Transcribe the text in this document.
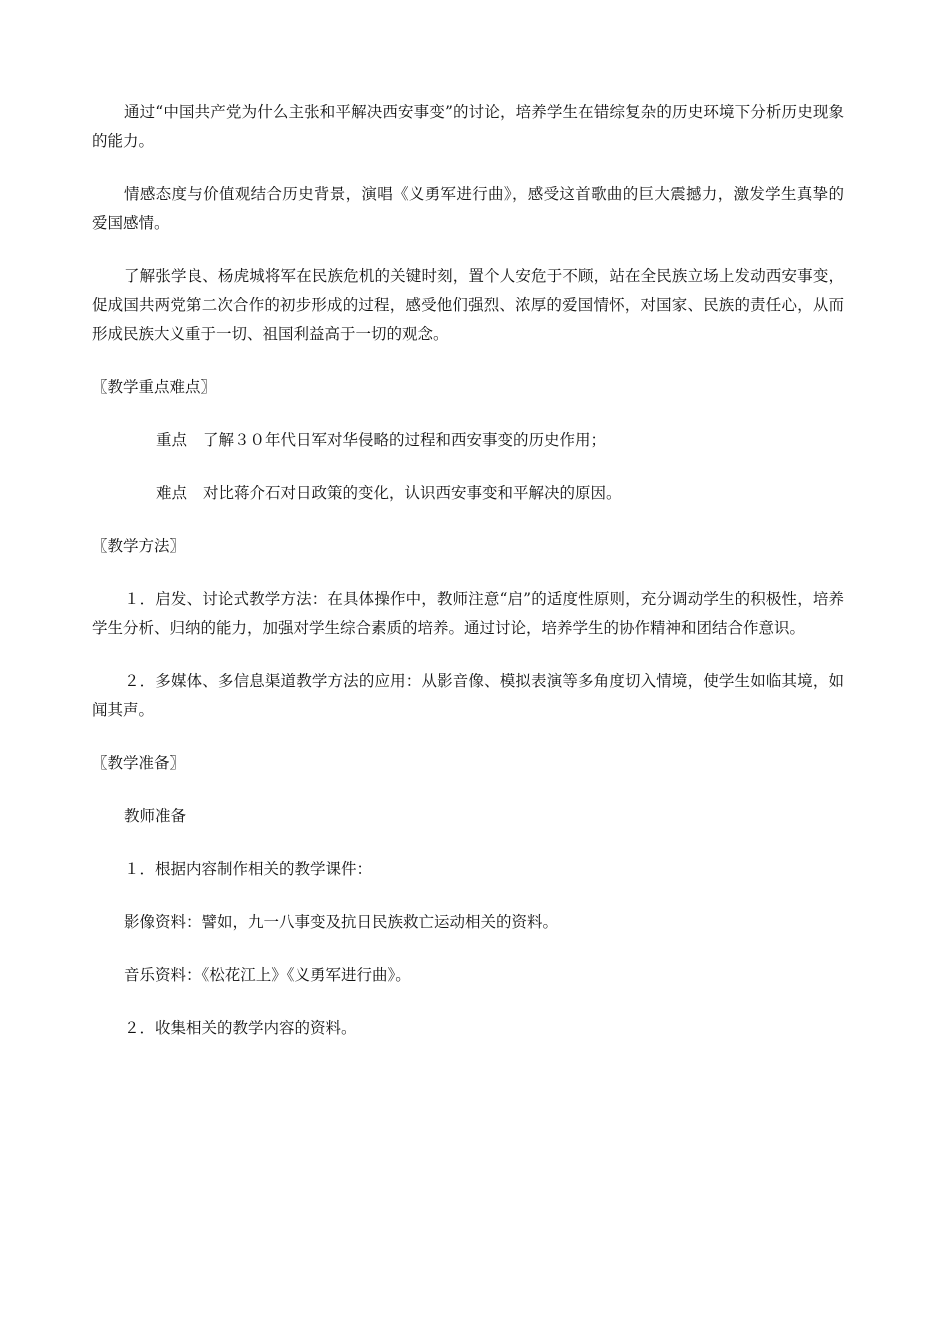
通过“中国共产党为什么主张和平解决西安事变”的讨论，培养学生在错综复杂的历史环境下分析历史现象的能力。

情感态度与价值观结合历史背景，演唱《义勇军进行曲》，感受这首歌曲的巨大震撼力，激发学生真挚的爱国感情。

了解张学良、杨虎城将军在民族危机的关键时刻，置个人安危于不顾，站在全民族立场上发动西安事变，促成国共两党第二次合作的初步形成的过程，感受他们强烈、浓厚的爱国情怀，对国家、民族的责任心，从而形成民族大义重于一切、祖国利益高于一切的观念。

〖教学重点难点〗

重点 了解３０年代日军对华侵略的过程和西安事变的历史作用；

难点 对比蒋介石对日政策的变化，认识西安事变和平解决的原因。

〖教学方法〗

１．启发、讨论式教学方法：在具体操作中，教师注意“启”的适度性原则，充分调动学生的积极性，培养学生分析、归纳的能力，加强对学生综合素质的培养。通过讨论，培养学生的协作精神和团结合作意识。

２．多媒体、多信息渠道教学方法的应用：从影音像、模拟表演等多角度切入情境，使学生如临其境，如闻其声。

〖教学准备〗

教师准备

１．根据内容制作相关的教学课件：

影像资料：譬如，九一八事变及抗日民族救亡运动相关的资料。

音乐资料：《松花江上》《义勇军进行曲》。

２．收集相关的教学内容的资料。
